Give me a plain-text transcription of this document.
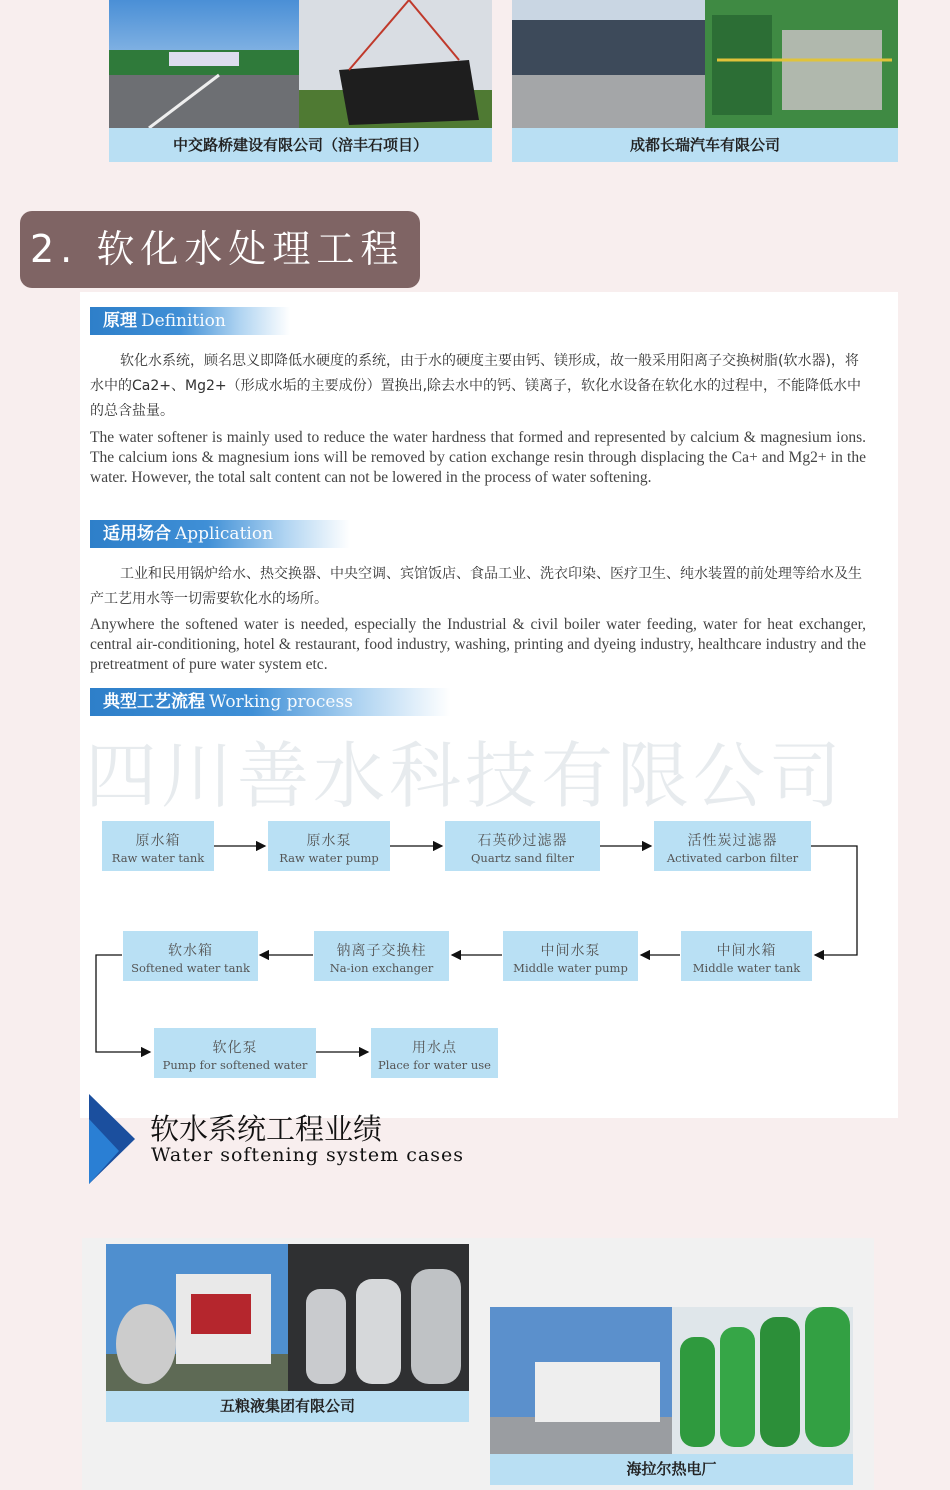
中交路桥建设有限公司（涪丰石项目）	成都长瑞汽车有限公司
2. 软化水处理工程
原理 Definition
软化水系统，顾名思义即降低水硬度的系统，由于水的硬度主要由钙、镁形成，故一般采用阳离子交换树脂(软水器)，将水中的Ca2+、Mg2+（形成水垢的主要成份）置换出,除去水中的钙、镁离子，软化水设备在软化水的过程中，不能降低水中的总含盐量。
The water softener is mainly used to reduce the water hardness that formed and represented by calcium & magnesium ions. The calcium ions & magnesium ions will be removed by cation exchange resin through displacing the Ca+ and Mg2+ in the water. However, the total salt content can not be lowered in the process of water softening.
适用场合 Application
工业和民用锅炉给水、热交换器、中央空调、宾馆饭店、食品工业、洗衣印染、医疗卫生、纯水装置的前处理等给水及生产工艺用水等一切需要软化水的场所。
Anywhere the softened water is needed, especially the Industrial & civil boiler water feeding, water for heat exchanger, central air-conditioning, hotel & restaurant, food industry, washing, printing and dyeing industry, healthcare industry and the pretreatment of pure water system etc.
典型工艺流程 Working process
四川善水科技有限公司
原水箱
Raw water tank
原水泵
Raw water pump
石英砂过滤器
Quartz sand filter
活性炭过滤器
Activated carbon filter
中间水箱
Middle water tank
中间水泵
Middle water pump
钠离子交换柱
Na-ion exchanger
软水箱
Softened water tank
软化泵
Pump for softened water
用水点
Place for water use
软水系统工程业绩
Water softening system cases
五粮液集团有限公司
海拉尔热电厂
